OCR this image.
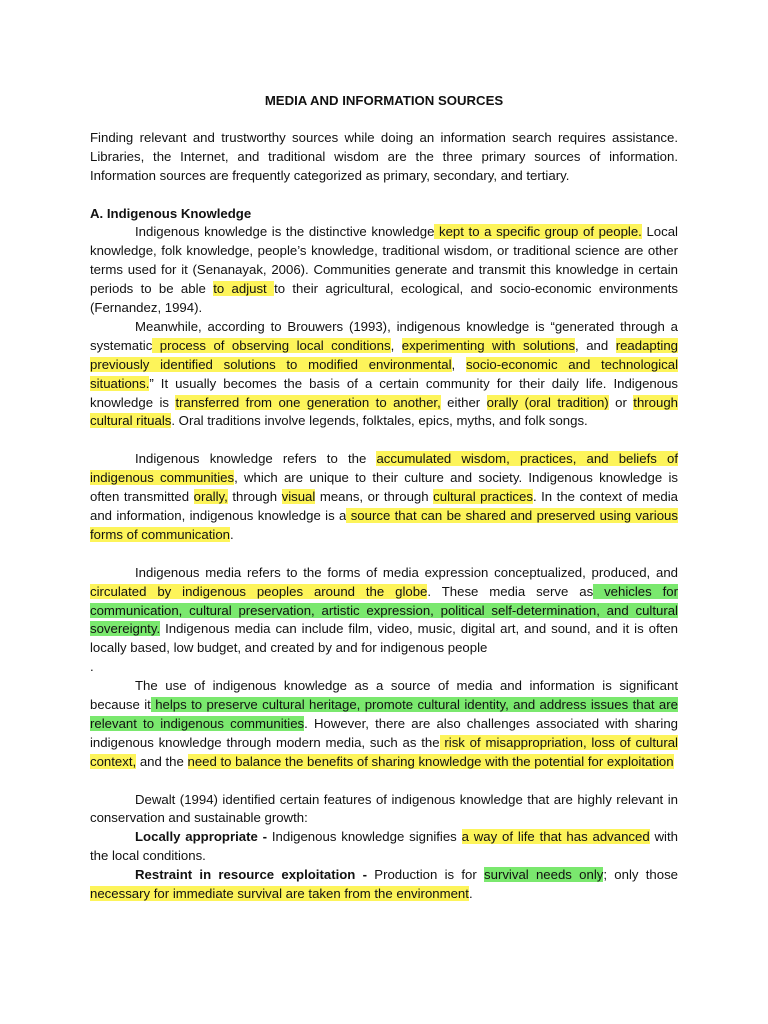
MEDIA AND INFORMATION SOURCES

Finding relevant and trustworthy sources while doing an information search requires assistance. Libraries, the Internet, and traditional wisdom are the three primary sources of information. Information sources are frequently categorized as primary, secondary, and tertiary.

A. Indigenous Knowledge

Indigenous knowledge is the distinctive knowledge kept to a specific group of people. Local knowledge, folk knowledge, people’s knowledge, traditional wisdom, or traditional science are other terms used for it (Senanayak, 2006). Communities generate and transmit this knowledge in certain periods to be able to adjust to their agricultural, ecological, and socio-economic environments (Fernandez, 1994).

Meanwhile, according to Brouwers (1993), indigenous knowledge is “generated through a systematic process of observing local conditions, experimenting with solutions, and readapting previously identified solutions to modified environmental, socio-economic and technological situations.” It usually becomes the basis of a certain community for their daily life. Indigenous knowledge is transferred from one generation to another, either orally (oral tradition) or through cultural rituals. Oral traditions involve legends, folktales, epics, myths, and folk songs.

Indigenous knowledge refers to the accumulated wisdom, practices, and beliefs of indigenous communities, which are unique to their culture and society. Indigenous knowledge is often transmitted orally, through visual means, or through cultural practices. In the context of media and information, indigenous knowledge is a source that can be shared and preserved using various forms of communication.

Indigenous media refers to the forms of media expression conceptualized, produced, and circulated by indigenous peoples around the globe. These media serve as vehicles for communication, cultural preservation, artistic expression, political self-determination, and cultural sovereignty. Indigenous media can include film, video, music, digital art, and sound, and it is often locally based, low budget, and created by and for indigenous people

.

The use of indigenous knowledge as a source of media and information is significant because it helps to preserve cultural heritage, promote cultural identity, and address issues that are relevant to indigenous communities. However, there are also challenges associated with sharing indigenous knowledge through modern media, such as the risk of misappropriation, loss of cultural context, and the need to balance the benefits of sharing knowledge with the potential for exploitation

Dewalt (1994) identified certain features of indigenous knowledge that are highly relevant in conservation and sustainable growth:

Locally appropriate - Indigenous knowledge signifies a way of life that has advanced with the local conditions.

Restraint in resource exploitation - Production is for survival needs only; only those necessary for immediate survival are taken from the environment.
